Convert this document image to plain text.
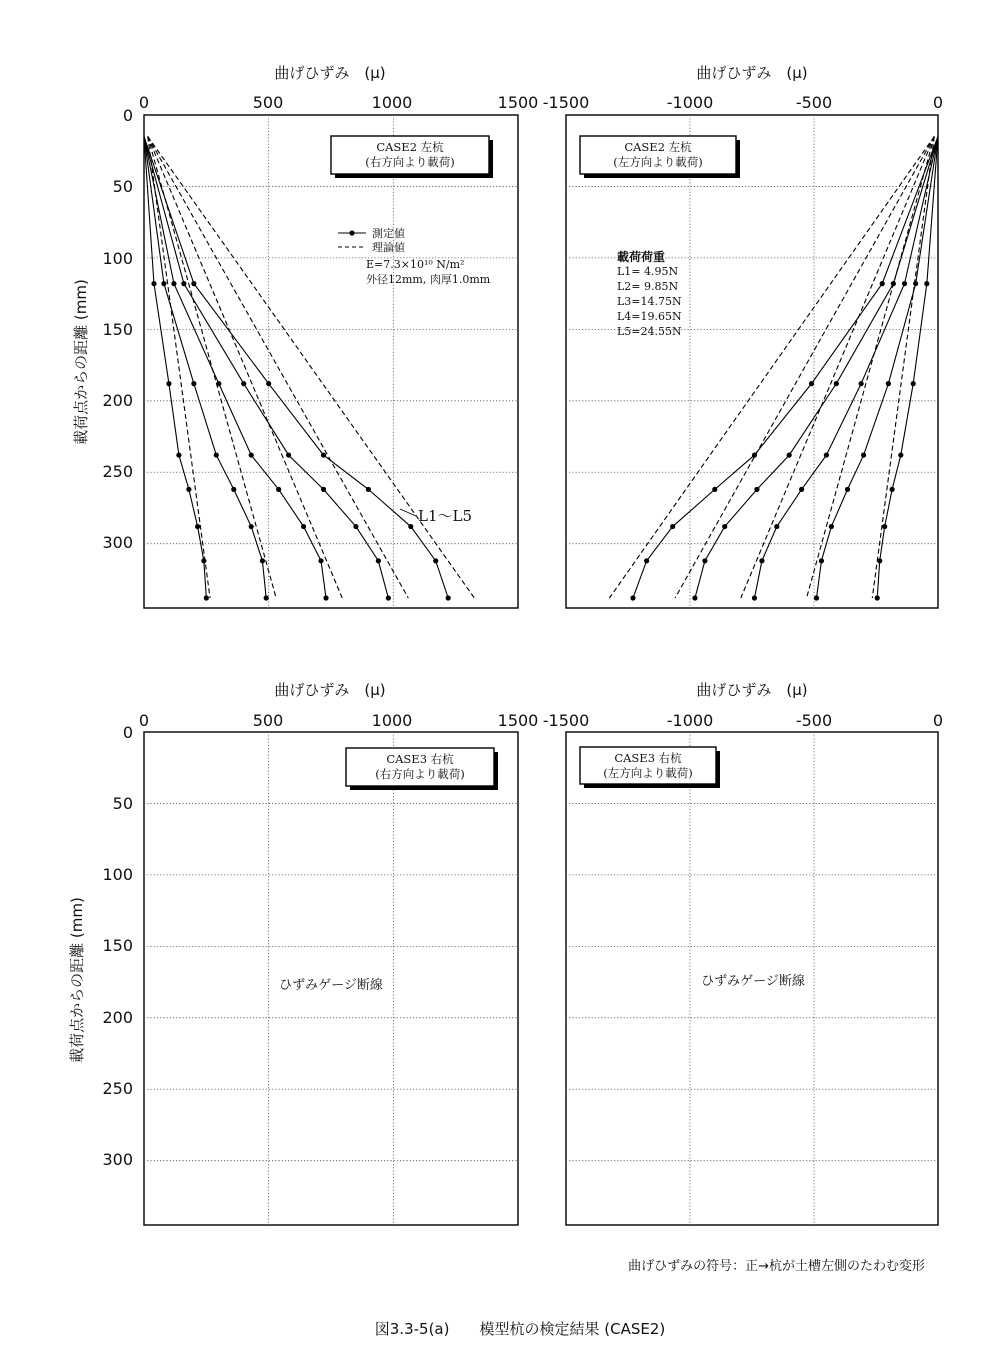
曲げひずみ　(μ)
0	500	1000	1500
0
50
100
150
200
250
300
載荷点からの距離 (mm)
CASE2 左杭
(右方向より載荷)
測定値
理論値
E=7.3×10¹⁰ N/m²
外径12mm, 肉厚1.0mm
L1～L5
曲げひずみ　(μ)
-1500	-1000	-500	0
CASE2 左杭
(左方向より載荷)
載荷荷重
L1= 4.95N
L2= 9.85N
L3=14.75N
L4=19.65N
L5=24.55N
曲げひずみ　(μ)
0	500	1000	1500
0
50
100
150
200
250
300
載荷点からの距離 (mm)
CASE3 右杭
(右方向より載荷)
ひずみゲージ断線
曲げひずみ　(μ)
-1500	-1000	-500	0
CASE3 右杭
(左方向より載荷)
ひずみゲージ断線
曲げひずみの符号：正→杭が土槽左側のたわむ変形
図3.3-5(a)　　模型杭の検定結果 (CASE2)
